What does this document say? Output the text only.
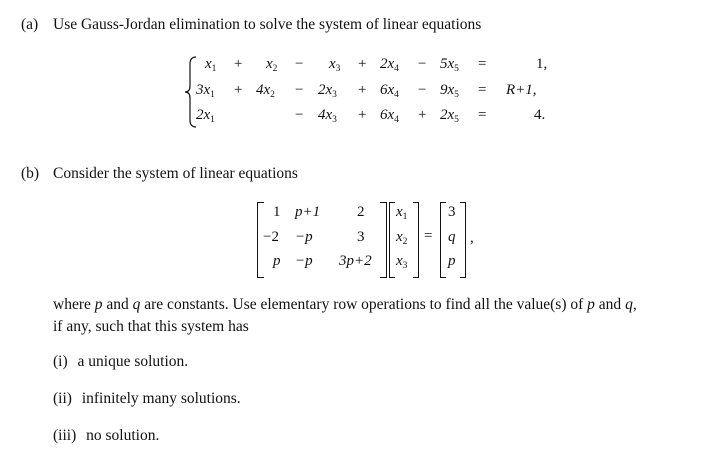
(a) Use Gauss-Jordan elimination to solve the system of linear equations
$x_1 + x_2 - x_3 + 2x_4 - 5x_5$ =	1,
$3x_1 + 4x_2 - 2x_3 + 6x_4 - 9x_5 = R+1$,
$2x_1$	− $4x_3 + 6x_4 + 2x_5$ =	4.
(b) Consider the system of linear equations
1 p+1 2
−2 −p	3
p −p 3p+2
$x_1$
$x_2$
$x_3$
=
3
q
p
,
where p and q are constants. Use elementary row operations to find all the value(s) of p and q,
if any, such that this system has
(i) a unique solution.
(ii) infinitely many solutions.
(iii) no solution.
